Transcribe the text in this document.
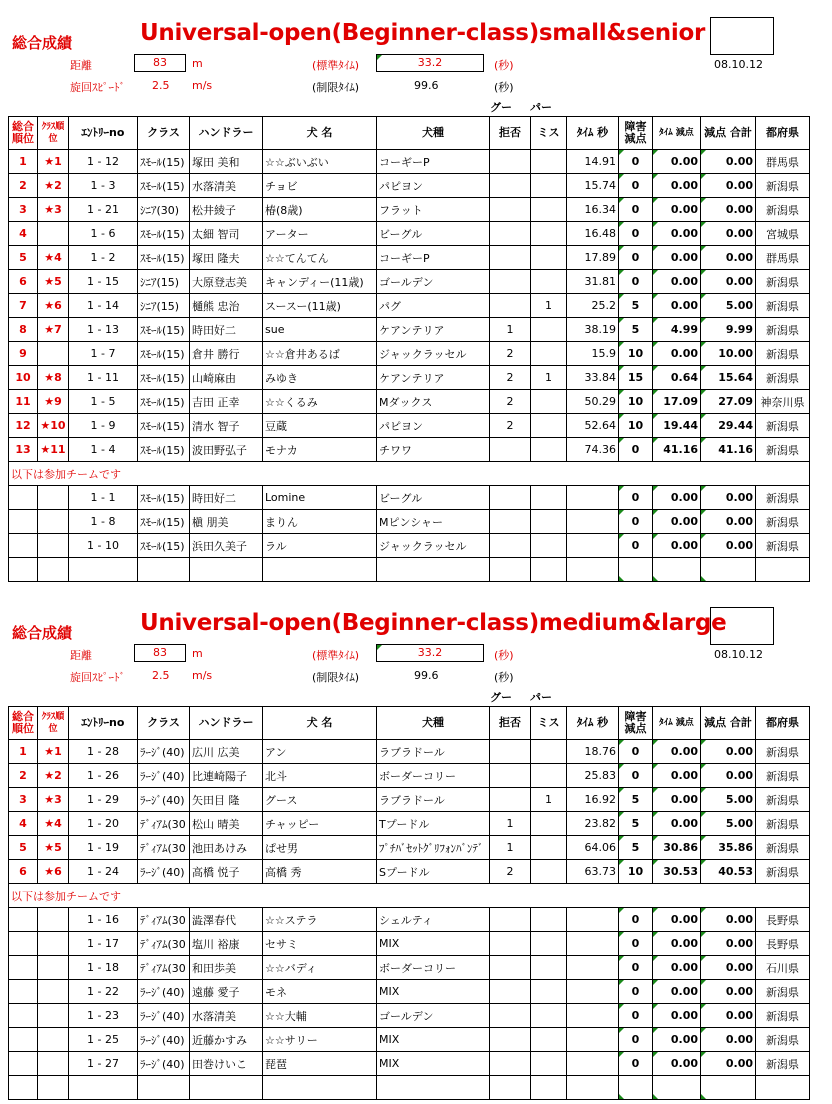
総合成績	Universal-open(Beginner-class)small&senior
08.10.12
距離	83	m
旋回ｽﾋﾟｰﾄﾞ 2.5 m/s
(標準ﾀｲﾑ)	33.2	(秒)
(制限ﾀｲﾑ)	99.6	(秒)
グー パー
総合順位	ｸﾗｽ順位	ｴﾝﾄﾘｰno	クラス	ハンドラー	犬 名	犬種	拒否	ミス	ﾀｲﾑ 秒	障害減点	ﾀｲﾑ 減点	減点 合計	都府県
1	★1	1 - 12	ｽﾓｰﾙ(15)	塚田 美和	☆☆ぶいぶい	コーギーP			14.91	0	0.00	0.00	群馬県
2	★2	1 - 3	ｽﾓｰﾙ(15)	水落清美	チョビ	パピヨン			15.74	0	0.00	0.00	新潟県
3	★3	1 - 21	ｼﾆｱ(30)	松井綾子	椿(8歳)	フラット			16.34	0	0.00	0.00	新潟県
4		1 - 6	ｽﾓｰﾙ(15)	太細 智司	アーター	ビーグル			16.48	0	0.00	0.00	宮城県
5	★4	1 - 2	ｽﾓｰﾙ(15)	塚田 隆夫	☆☆てんてん	コーギーP			17.89	0	0.00	0.00	群馬県
6	★5	1 - 15	ｼﾆｱ(15)	大原登志美	キャンディー(11歳)	ゴールデン			31.81	0	0.00	0.00	新潟県
7	★6	1 - 14	ｼﾆｱ(15)	樋熊 忠治	スースー(11歳)	パグ		1	25.2	5	0.00	5.00	新潟県
8	★7	1 - 13	ｽﾓｰﾙ(15)	時田好二	sue	ケアンテリア	1		38.19	5	4.99	9.99	新潟県
9		1 - 7	ｽﾓｰﾙ(15)	倉井 勝行	☆☆倉井あるば	ジャックラッセル	2		15.9	10	0.00	10.00	新潟県
10	★8	1 - 11	ｽﾓｰﾙ(15)	山崎麻由	みゆき	ケアンテリア	2	1	33.84	15	0.64	15.64	新潟県
11	★9	1 - 5	ｽﾓｰﾙ(15)	吉田 正幸	☆☆くるみ	Mダックス	2		50.29	10	17.09	27.09	神奈川県
12	★10	1 - 9	ｽﾓｰﾙ(15)	清水 智子	豆蔵	パピヨン	2		52.64	10	19.44	29.44	新潟県
13	★11	1 - 4	ｽﾓｰﾙ(15)	波田野弘子	モナカ	チワワ			74.36	0	41.16	41.16	新潟県
以下は参加チームです													
		1 - 1	ｽﾓｰﾙ(15)	時田好二	Lomine	ビーグル				0	0.00	0.00	新潟県
		1 - 8	ｽﾓｰﾙ(15)	槇 朋美	まりん	Mピンシャー				0	0.00	0.00	新潟県
		1 - 10	ｽﾓｰﾙ(15)	浜田久美子	ラル	ジャックラッセル				0	0.00	0.00	新潟県

総合成績	Universal-open(Beginner-class)medium&large
08.10.12
距離	83	m
旋回ｽﾋﾟｰﾄﾞ 2.5 m/s
(標準ﾀｲﾑ)	33.2	(秒)
(制限ﾀｲﾑ)	99.6	(秒)
グー パー
総合順位	ｸﾗｽ順位	ｴﾝﾄﾘｰno	クラス	ハンドラー	犬 名	犬種	拒否	ミス	ﾀｲﾑ 秒	障害減点	ﾀｲﾑ 減点	減点 合計	都府県
1	★1	1 - 28	ﾗｰｼﾞ(40)	広川 広美	アン	ラブラドール			18.76	0	0.00	0.00	新潟県
2	★2	1 - 26	ﾗｰｼﾞ(40)	比連崎陽子	北斗	ボーダーコリー			25.83	0	0.00	0.00	新潟県
3	★3	1 - 29	ﾗｰｼﾞ(40)	矢田目 隆	グース	ラブラドール		1	16.92	5	0.00	5.00	新潟県
4	★4	1 - 20	ﾃﾞｨｱﾑ(30	松山 晴美	チャッピー	Tプードル	1		23.82	5	0.00	5.00	新潟県
5	★5	1 - 19	ﾃﾞｨｱﾑ(30	池田あけみ	ぱせ男	ﾌﾟﾁﾊﾞｾｯﾄｸﾞﾘﾌｫﾝﾊﾞﾝﾃﾞ	1		64.06	5	30.86	35.86	新潟県
6	★6	1 - 24	ﾗｰｼﾞ(40)	高橋 悦子	高橋 秀	Sプードル	2		63.73	10	30.53	40.53	新潟県
以下は参加チームです													
		1 - 16	ﾃﾞｨｱﾑ(30	澁澤春代	☆☆ステラ	シェルティ				0	0.00	0.00	長野県
		1 - 17	ﾃﾞｨｱﾑ(30	塩川 裕康	セサミ	MIX				0	0.00	0.00	長野県
		1 - 18	ﾃﾞｨｱﾑ(30	和田歩美	☆☆バディ	ボーダーコリー				0	0.00	0.00	石川県
		1 - 22	ﾗｰｼﾞ(40)	遠藤 愛子	モネ	MIX				0	0.00	0.00	新潟県
		1 - 23	ﾗｰｼﾞ(40)	水落清美	☆☆大輔	ゴールデン				0	0.00	0.00	新潟県
		1 - 25	ﾗｰｼﾞ(40)	近藤かすみ	☆☆サリー	MIX				0	0.00	0.00	新潟県
		1 - 27	ﾗｰｼﾞ(40)	田巻けいこ	琵琶	MIX				0	0.00	0.00	新潟県
